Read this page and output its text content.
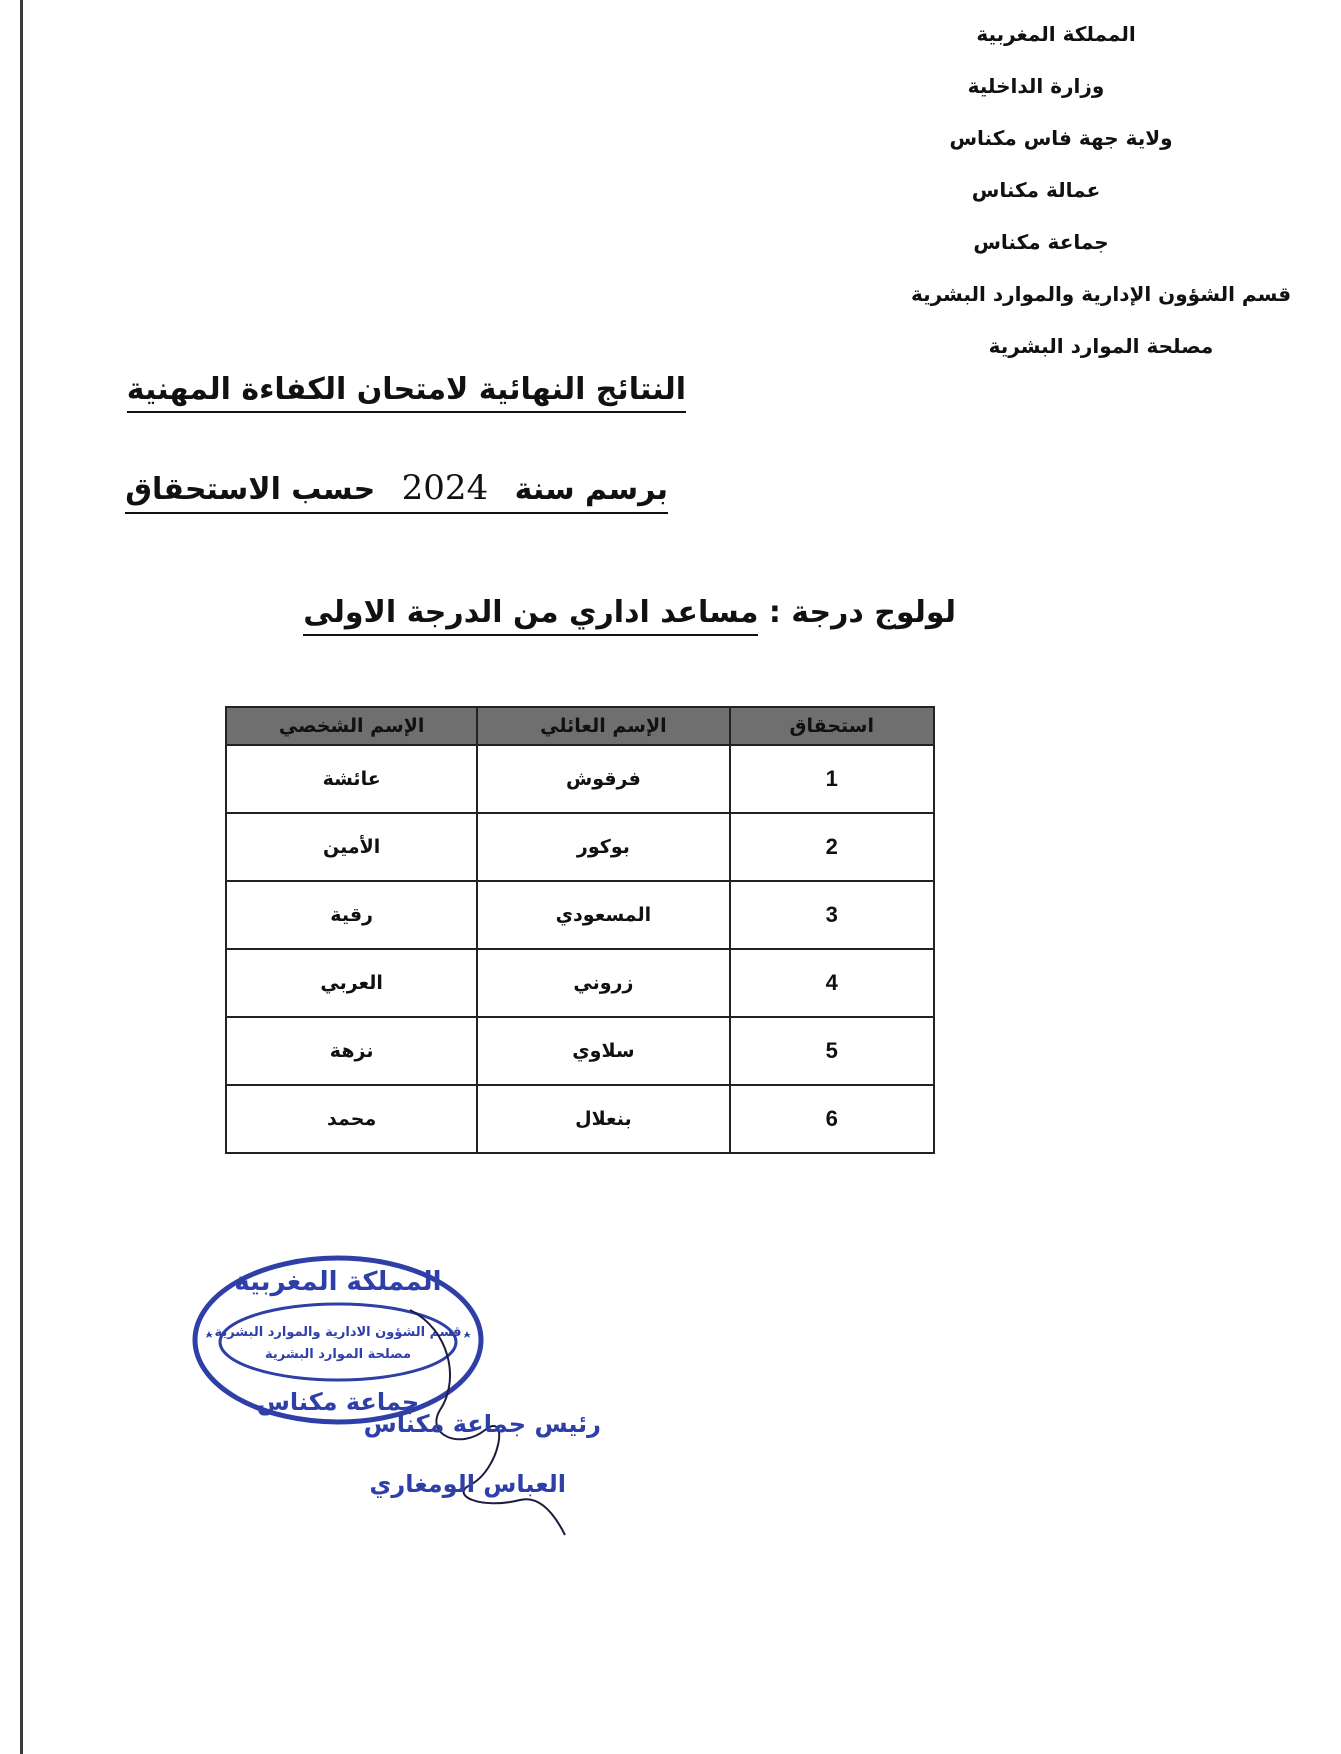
المملكة المغربية
وزارة الداخلية
ولاية جهة فاس مكناس
عمالة مكناس
جماعة مكناس
قسم الشؤون الإدارية والموارد البشرية
مصلحة الموارد البشرية
النتائج النهائية لامتحان الكفاءة المهنية
برسم سنة 2024 حسب الاستحقاق
لولوج درجة : مساعد اداري من الدرجة الاولى
استحقاق	الإسم العائلي	الإسم الشخصي
1	فرقوش	عائشة
2	بوكور	الأمين
3	المسعودي	رقية
4	زروني	العربي
5	سلاوي	نزهة
6	بنعلال	محمد
المملكة المغربية
قسم الشؤون الادارية والموارد البشرية
مصلحة الموارد البشرية
جماعة مكناس
رئيس جماعة مكناس
العباس الومغاري
